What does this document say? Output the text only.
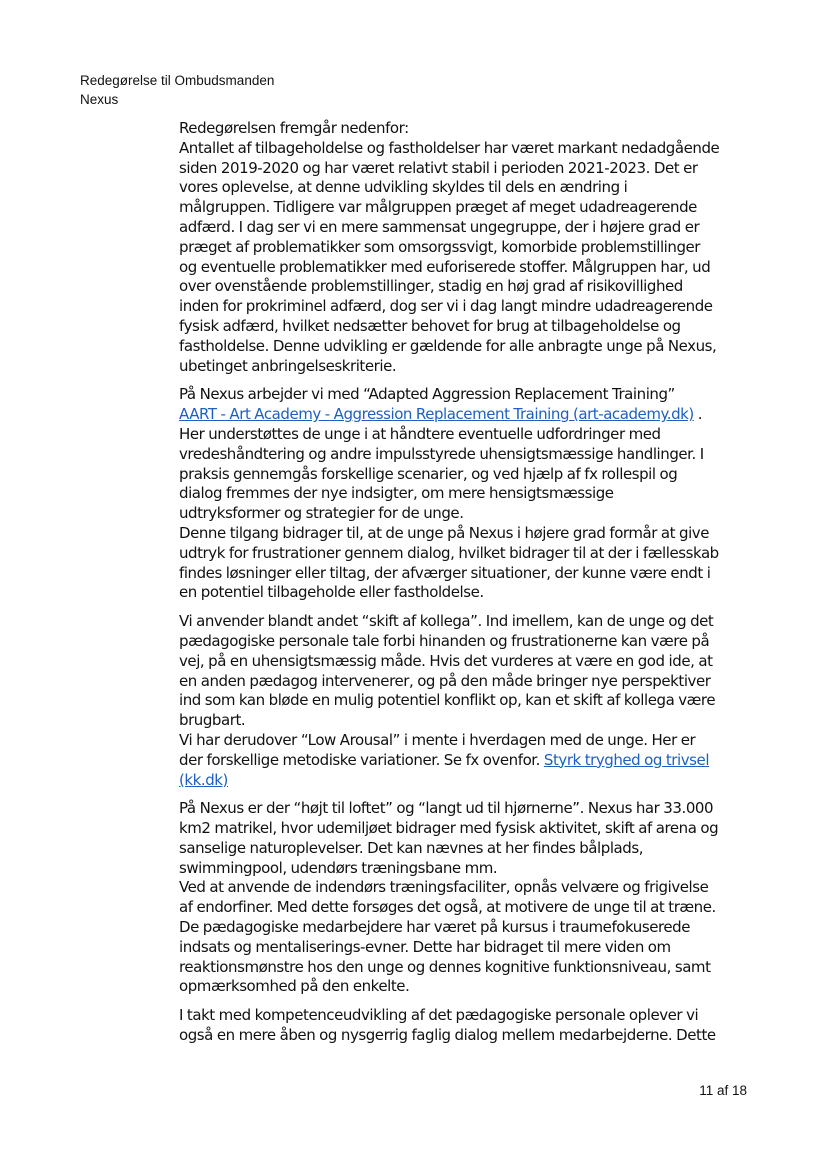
Redegørelse til Ombudsmanden
Nexus

Redegørelsen fremgår nedenfor:
Antallet af tilbageholdelse og fastholdelser har været markant nedadgående
siden 2019-2020 og har været relativt stabil i perioden 2021-2023. Det er
vores oplevelse, at denne udvikling skyldes til dels en ændring i
målgruppen. Tidligere var målgruppen præget af meget udadreagerende
adfærd. I dag ser vi en mere sammensat ungegruppe, der i højere grad er
præget af problematikker som omsorgssvigt, komorbide problemstillinger
og eventuelle problematikker med euforiserede stoffer. Målgruppen har, ud
over ovenstående problemstillinger, stadig en høj grad af risikovillighed
inden for prokriminel adfærd, dog ser vi i dag langt mindre udadreagerende
fysisk adfærd, hvilket nedsætter behovet for brug at tilbageholdelse og
fastholdelse. Denne udvikling er gældende for alle anbragte unge på Nexus,
ubetinget anbringelseskriterie.

På Nexus arbejder vi med “Adapted Aggression Replacement Training”
AART - Art Academy - Aggression Replacement Training (art-academy.dk) .
Her understøttes de unge i at håndtere eventuelle udfordringer med
vredeshåndtering og andre impulsstyrede uhensigtsmæssige handlinger. I
praksis gennemgås forskellige scenarier, og ved hjælp af fx rollespil og
dialog fremmes der nye indsigter, om mere hensigtsmæssige
udtryksformer og strategier for de unge.
Denne tilgang bidrager til, at de unge på Nexus i højere grad formår at give
udtryk for frustrationer gennem dialog, hvilket bidrager til at der i fællesskab
findes løsninger eller tiltag, der afværger situationer, der kunne være endt i
en potentiel tilbageholde eller fastholdelse.

Vi anvender blandt andet “skift af kollega”. Ind imellem, kan de unge og det
pædagogiske personale tale forbi hinanden og frustrationerne kan være på
vej, på en uhensigtsmæssig måde. Hvis det vurderes at være en god ide, at
en anden pædagog intervenerer, og på den måde bringer nye perspektiver
ind som kan bløde en mulig potentiel konflikt op, kan et skift af kollega være
brugbart.
Vi har derudover “Low Arousal” i mente i hverdagen med de unge. Her er
der forskellige metodiske variationer. Se fx ovenfor. Styrk tryghed og trivsel
(kk.dk)

På Nexus er der “højt til loftet” og “langt ud til hjørnerne”. Nexus har 33.000
km2 matrikel, hvor udemiljøet bidrager med fysisk aktivitet, skift af arena og
sanselige naturoplevelser. Det kan nævnes at her findes bålplads,
swimmingpool, udendørs træningsbane mm.
Ved at anvende de indendørs træningsfaciliter, opnås velvære og frigivelse
af endorfiner. Med dette forsøges det også, at motivere de unge til at træne.
De pædagogiske medarbejdere har været på kursus i traumefokuserede
indsats og mentaliserings-evner. Dette har bidraget til mere viden om
reaktionsmønstre hos den unge og dennes kognitive funktionsniveau, samt
opmærksomhed på den enkelte.

I takt med kompetenceudvikling af det pædagogiske personale oplever vi
også en mere åben og nysgerrig faglig dialog mellem medarbejderne. Dette

11 af 18
